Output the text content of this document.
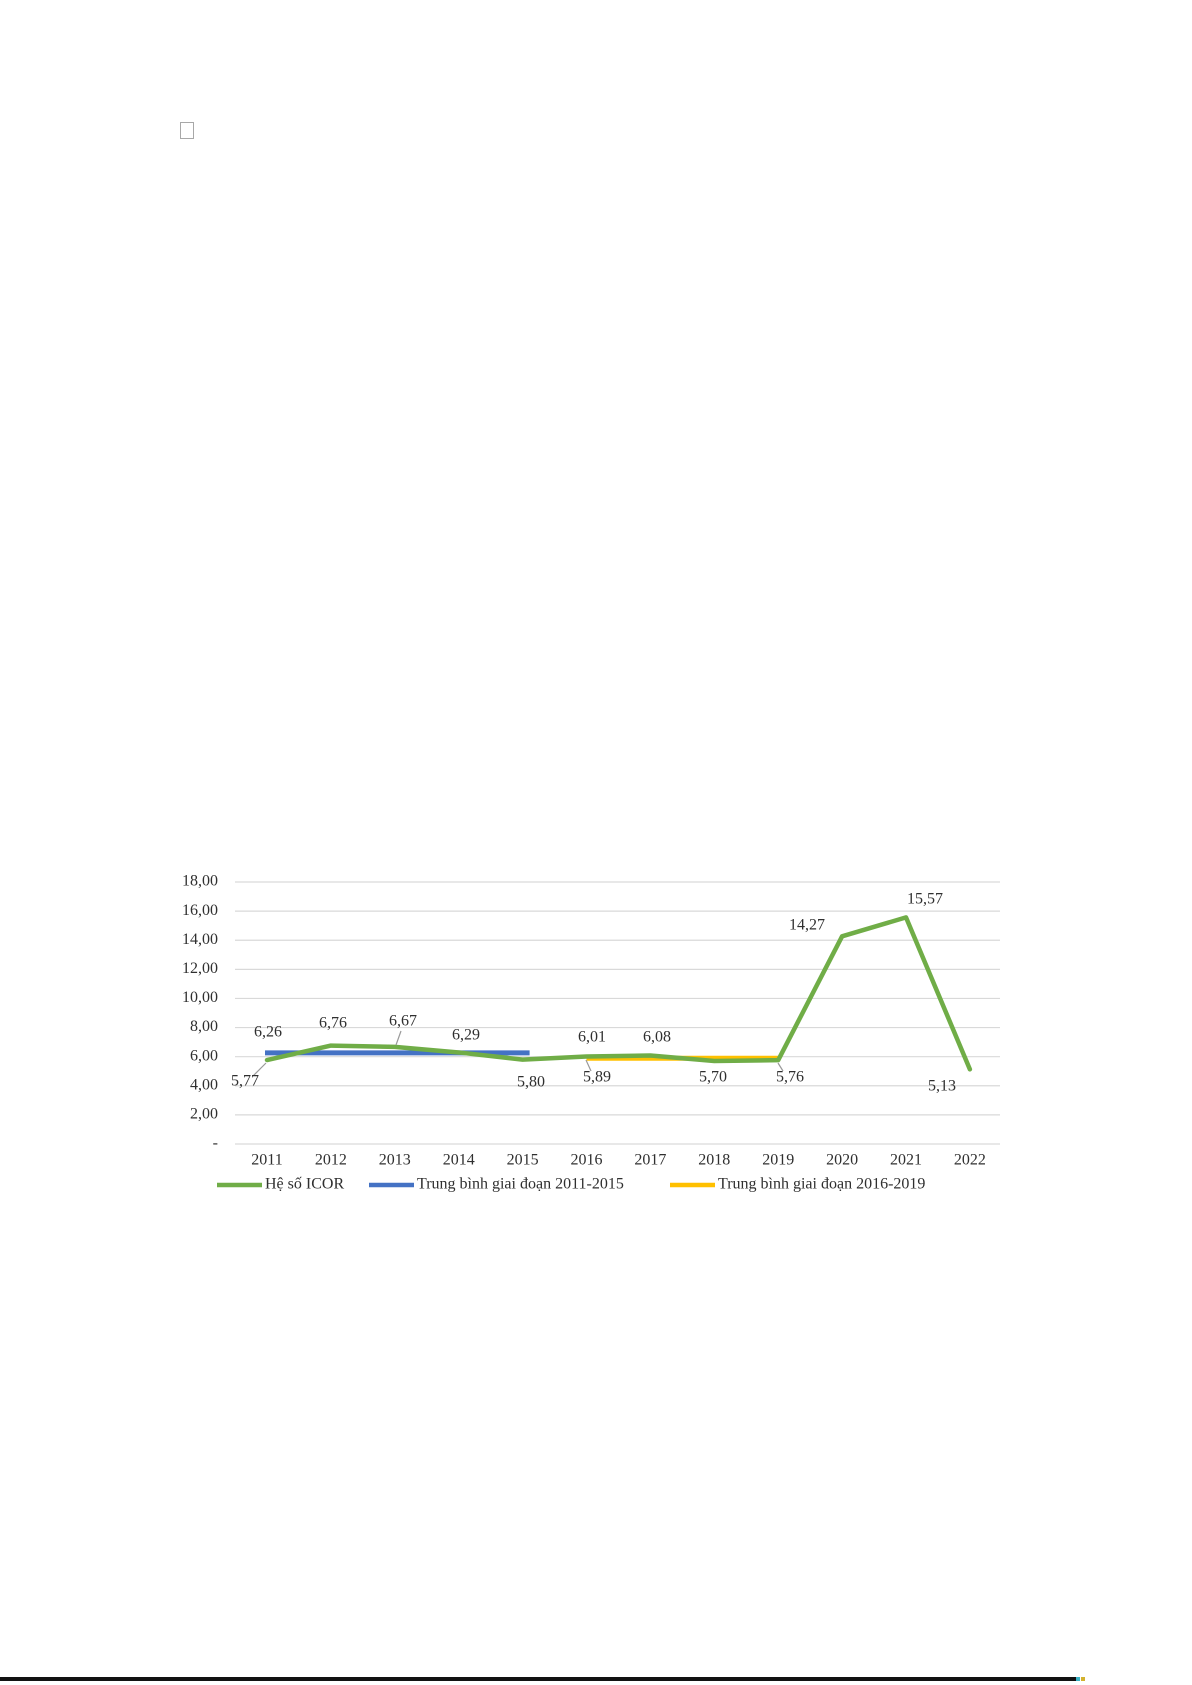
18,00
16,00
14,00
12,00
10,00
8,00
6,00
4,00
2,00
-
2011 2012 2013 2014 2015 2016 2017 2018 2019 2020 2021 2022
5,77
6,76	6,67
6,29
5,80
6,01 6,08
5,70	5,76
14,27
15,57
5,13
6,26
5,89
Hệ số ICOR	Trung bình giai đoạn 2011-2015	Trung bình giai đoạn 2016-2019
